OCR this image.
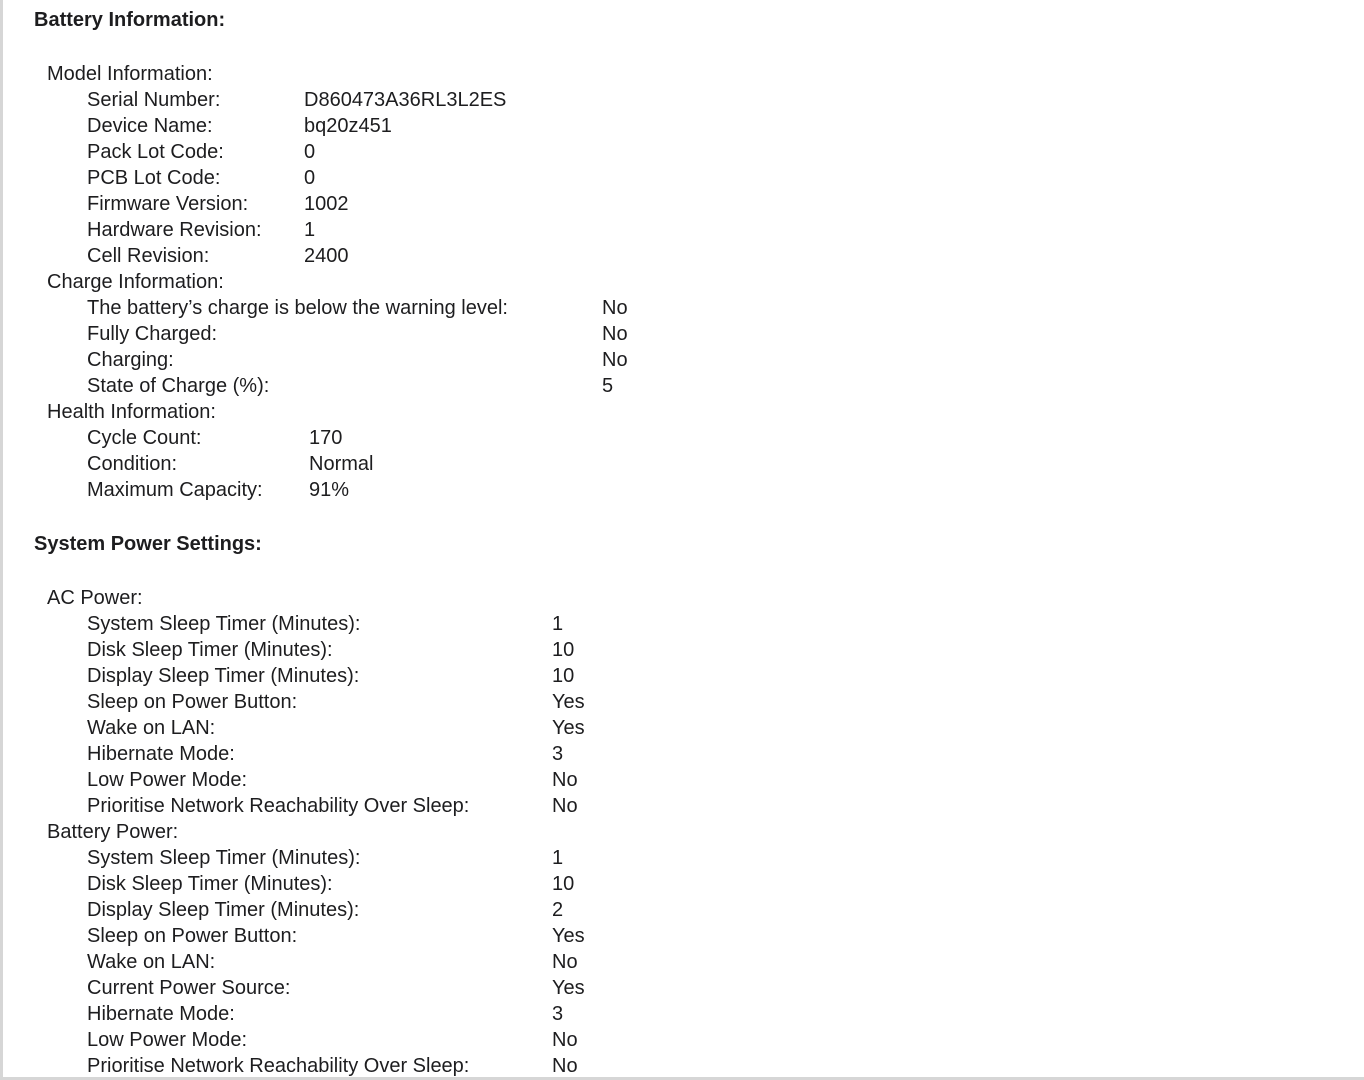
Battery Information:
Model Information:
Serial Number:	D860473A36RL3L2ES
Device Name:	bq20z451
Pack Lot Code:	0
PCB Lot Code:	0
Firmware Version:	1002
Hardware Revision: 1
Cell Revision:	2400
Charge Information:
The battery’s charge is below the warning level:	No
Fully Charged:	No
Charging:	No
State of Charge (%):	5
Health Information:
Cycle Count:	170
Condition:	Normal
Maximum Capacity: 91%
System Power Settings:
AC Power:
System Sleep Timer (Minutes):	1
Disk Sleep Timer (Minutes):	10
Display Sleep Timer (Minutes):	10
Sleep on Power Button:	Yes
Wake on LAN:	Yes
Hibernate Mode:	3
Low Power Mode:	No
Prioritise Network Reachability Over Sleep:	No
Battery Power:
System Sleep Timer (Minutes):	1
Disk Sleep Timer (Minutes):	10
Display Sleep Timer (Minutes):	2
Sleep on Power Button:	Yes
Wake on LAN:	No
Current Power Source:	Yes
Hibernate Mode:	3
Low Power Mode:	No
Prioritise Network Reachability Over Sleep:	No
